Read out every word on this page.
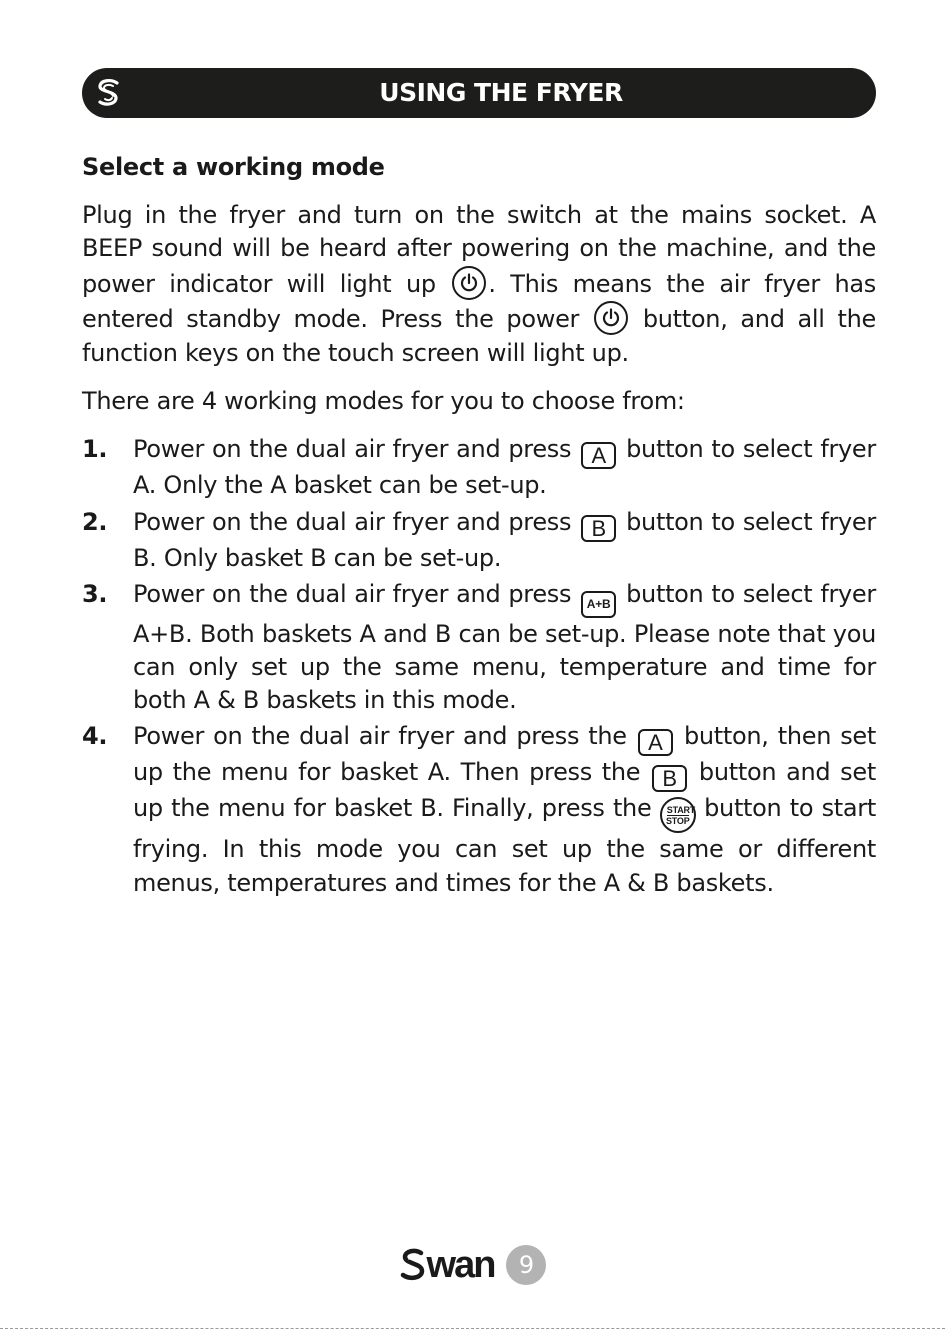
USING THE FRYER
Select a working mode

Plug in the fryer and turn on the switch at the mains socket. A BEEP sound will be heard after powering on the machine, and the power indicator will light up . This means the air fryer has entered standby mode. Press the power	button, and all the function keys on the touch screen will light up.

There are 4 working modes for you to choose from:

1. Power on the dual air fryer and press A button to select fryer A. Only the A basket can be set-up.
2. Power on the dual air fryer and press B button to select fryer B. Only basket B can be set-up.
3. Power on the dual air fryer and press A+B button to select fryer A+B. Both baskets A and B can be set-up. Please note that you can only set up the same menu, temperature and time for both A & B baskets in this mode.
4. Power on the dual air fryer and press the A button, then set up the menu for basket A. Then press the B button and set up the menu for basket B. Finally, press the START
STOP button to start frying. In this mode you can set up the same or different menus, temperatures and times for the A & B baskets.
wan	9
